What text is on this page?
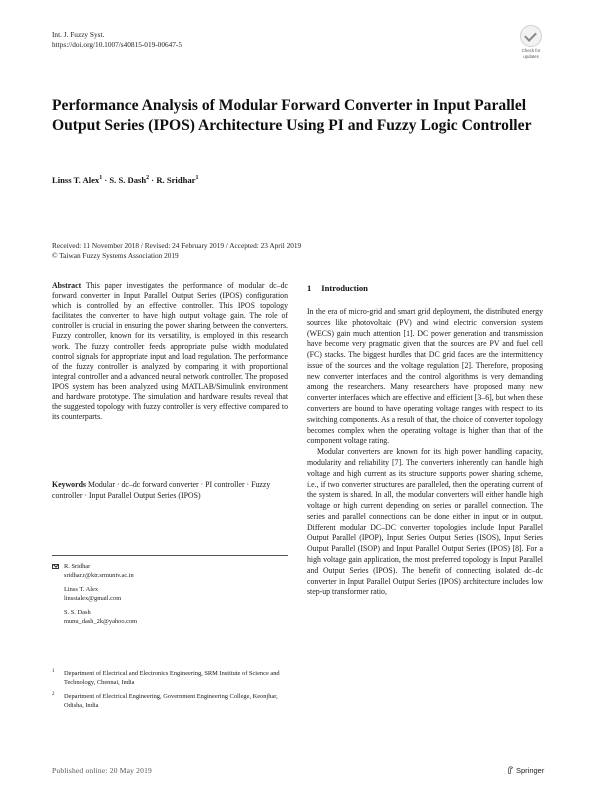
Int. J. Fuzzy Syst.
https://doi.org/10.1007/s40815-019-00647-5
Check for
updates
Performance Analysis of Modular Forward Converter in Input Parallel Output Series (IPOS) Architecture Using PI and Fuzzy Logic Controller
Linss T. Alex$^1$ · S. S. Dash$^2$ · R. Sridhar$^1$
Received: 11 November 2018 / Revised: 24 February 2019 / Accepted: 23 April 2019
© Taiwan Fuzzy Systems Association 2019

Abstract This paper investigates the performance of modular dc–dc forward converter in Input Parallel Output Series (IPOS) configuration which is controlled by an effective controller. This IPOS topology facilitates the converter to have high output voltage gain. The role of controller is crucial in ensuring the power sharing between the converters. Fuzzy controller, known for its versatility, is employed in this research work. The fuzzy controller feeds appropriate pulse width modulated control signals for appropriate input and load regulation. The performance of the fuzzy controller is analyzed by comparing it with proportional integral controller and a advanced neural network controller. The proposed IPOS system has been analyzed using MATLAB/Simulink environment and hardware prototype. The simulation and hardware results reveal that the suggested topology with fuzzy controller is very effective compared to its counterparts.

Keywords Modular · dc–dc forward converter · PI controller · Fuzzy controller · Input Parallel Output Series (IPOS)

R. Sridhar
sridhar.r@ktr.srmuniv.ac.in
Linss T. Alex
linsstalex@gmail.com
S. S. Dash
munu_dash_2k@yahoo.com
1 Department of Electrical and Electronics Engineering, SRM Institute of Science and Technology, Chennai, India
2 Department of Electrical Engineering, Government Engineering College, Keonjhar, Odisha, India
Published online: 20 May 2019
1 Introduction

In the era of micro-grid and smart grid deployment, the distributed energy sources like photovoltaic (PV) and wind electric conversion system (WECS) gain much attention [1]. DC power generation and transmission have become very pragmatic given that the sources are PV and fuel cell (FC) stacks. The biggest hurdles that DC grid faces are the intermittency issue of the sources and the voltage regulation [2]. Therefore, proposing new converter interfaces and the control algorithms is very demanding among the researchers. Many researchers have proposed many new converter interfaces which are effective and efficient [3–6], but when these converters are bound to have operating voltage ranges with respect to its switching components. As a result of that, the choice of converter topology becomes complex when the operating voltage is higher than that of the component voltage rating.

Modular converters are known for its high power handling capacity, modularity and reliability [7]. The converters inherently can handle high voltage and high current as its structure supports power sharing scheme, i.e., if two converter structures are paralleled, then the operating current of the system is shared. In all, the modular converters will either handle high voltage or high current depending on series or parallel connection. The series and parallel connections can be done either in input or in output. Different modular DC–DC converter topologies include Input Parallel Output Parallel (IPOP), Input Series Output Series (ISOS), Input Series Output Parallel (ISOP) and Input Parallel Output Series (IPOS) [8]. For a high voltage gain application, the most preferred topology is Input Parallel and Output Series (IPOS). The benefit of connecting isolated dc–dc converter in Input Parallel Output Series (IPOS) architecture includes low step-up transformer ratio,

Springer
